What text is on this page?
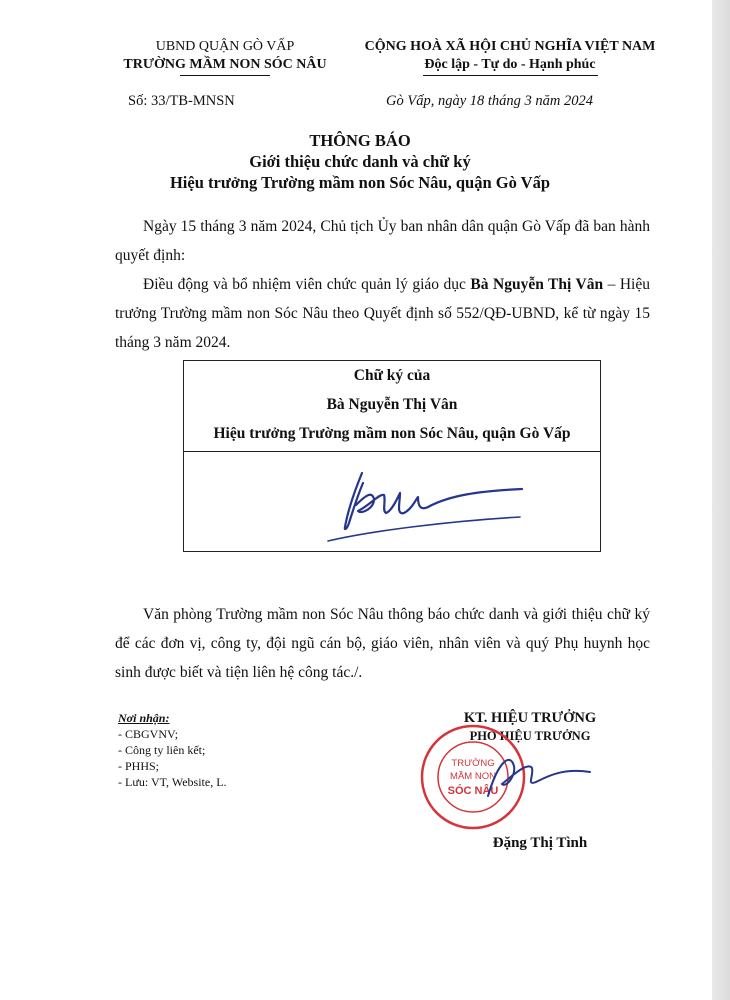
UBND QUẬN GÒ VẤP
TRƯỜNG MẦM NON SÓC NÂU
CỘNG HOÀ XÃ HỘI CHỦ NGHĨA VIỆT NAM
Độc lập - Tự do - Hạnh phúc
Số: 33/TB-MNSN	Gò Vấp, ngày 18 tháng 3 năm 2024
THÔNG BÁO
Giới thiệu chức danh và chữ ký
Hiệu trưởng Trường mầm non Sóc Nâu, quận Gò Vấp
Ngày 15 tháng 3 năm 2024, Chủ tịch Ủy ban nhân dân quận Gò Vấp đã ban hành quyết định:
Điều động và bổ nhiệm viên chức quản lý giáo dục Bà Nguyễn Thị Vân – Hiệu trưởng Trường mầm non Sóc Nâu theo Quyết định số 552/QĐ-UBND, kể từ ngày 15 tháng 3 năm 2024.
Chữ ký của
Bà Nguyễn Thị Vân
Hiệu trưởng Trường mầm non Sóc Nâu, quận Gò Vấp
Văn phòng Trường mầm non Sóc Nâu thông báo chức danh và giới thiệu chữ ký để các đơn vị, công ty, đội ngũ cán bộ, giáo viên, nhân viên và quý Phụ huynh học sinh được biết và tiện liên hệ công tác./.
Nơi nhận:
- CBGVNV;
- Công ty liên kết;
- PHHS;
- Lưu: VT, Website, L.
KT. HIỆU TRƯỞNG
PHÓ HIỆU TRƯỞNG
TRƯỜNG
MẦM NON
SÓC NÂU
Đặng Thị Tình
